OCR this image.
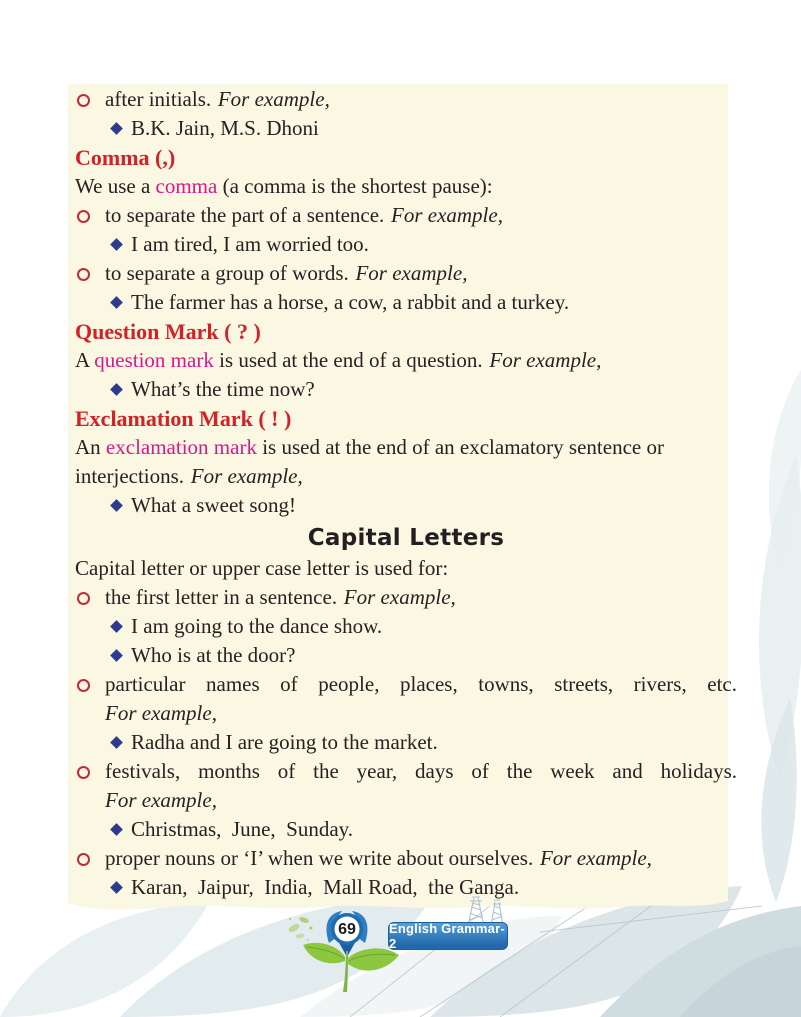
after initials. For example,
B.K. Jain, M.S. Dhoni
Comma (,)

We use a comma (a comma is the shortest pause):

to separate the part of a sentence. For example,
I am tired, I am worried too.
to separate a group of words. For example,
The farmer has a horse, a cow, a rabbit and a turkey.
Question Mark ( ? )

A question mark is used at the end of a question. For example,

What’s the time now?
Exclamation Mark ( ! )

An exclamation mark is used at the end of an exclamatory sentence or interjections. For example,

What a sweet song!
Capital Letters

Capital letter or upper case letter is used for:

the first letter in a sentence. For example,
I am going to the dance show.
Who is at the door?
particular names of people, places, towns, streets, rivers, etc.
For example,
Radha and I are going to the market.
festivals, months of the year, days of the week and holidays.
For example,
Christmas,  June,  Sunday.
proper nouns or ‘I’ when we write about ourselves. For example,
Karan,  Jaipur,  India,  Mall Road,  the Ganga.
English Grammar-2
69
